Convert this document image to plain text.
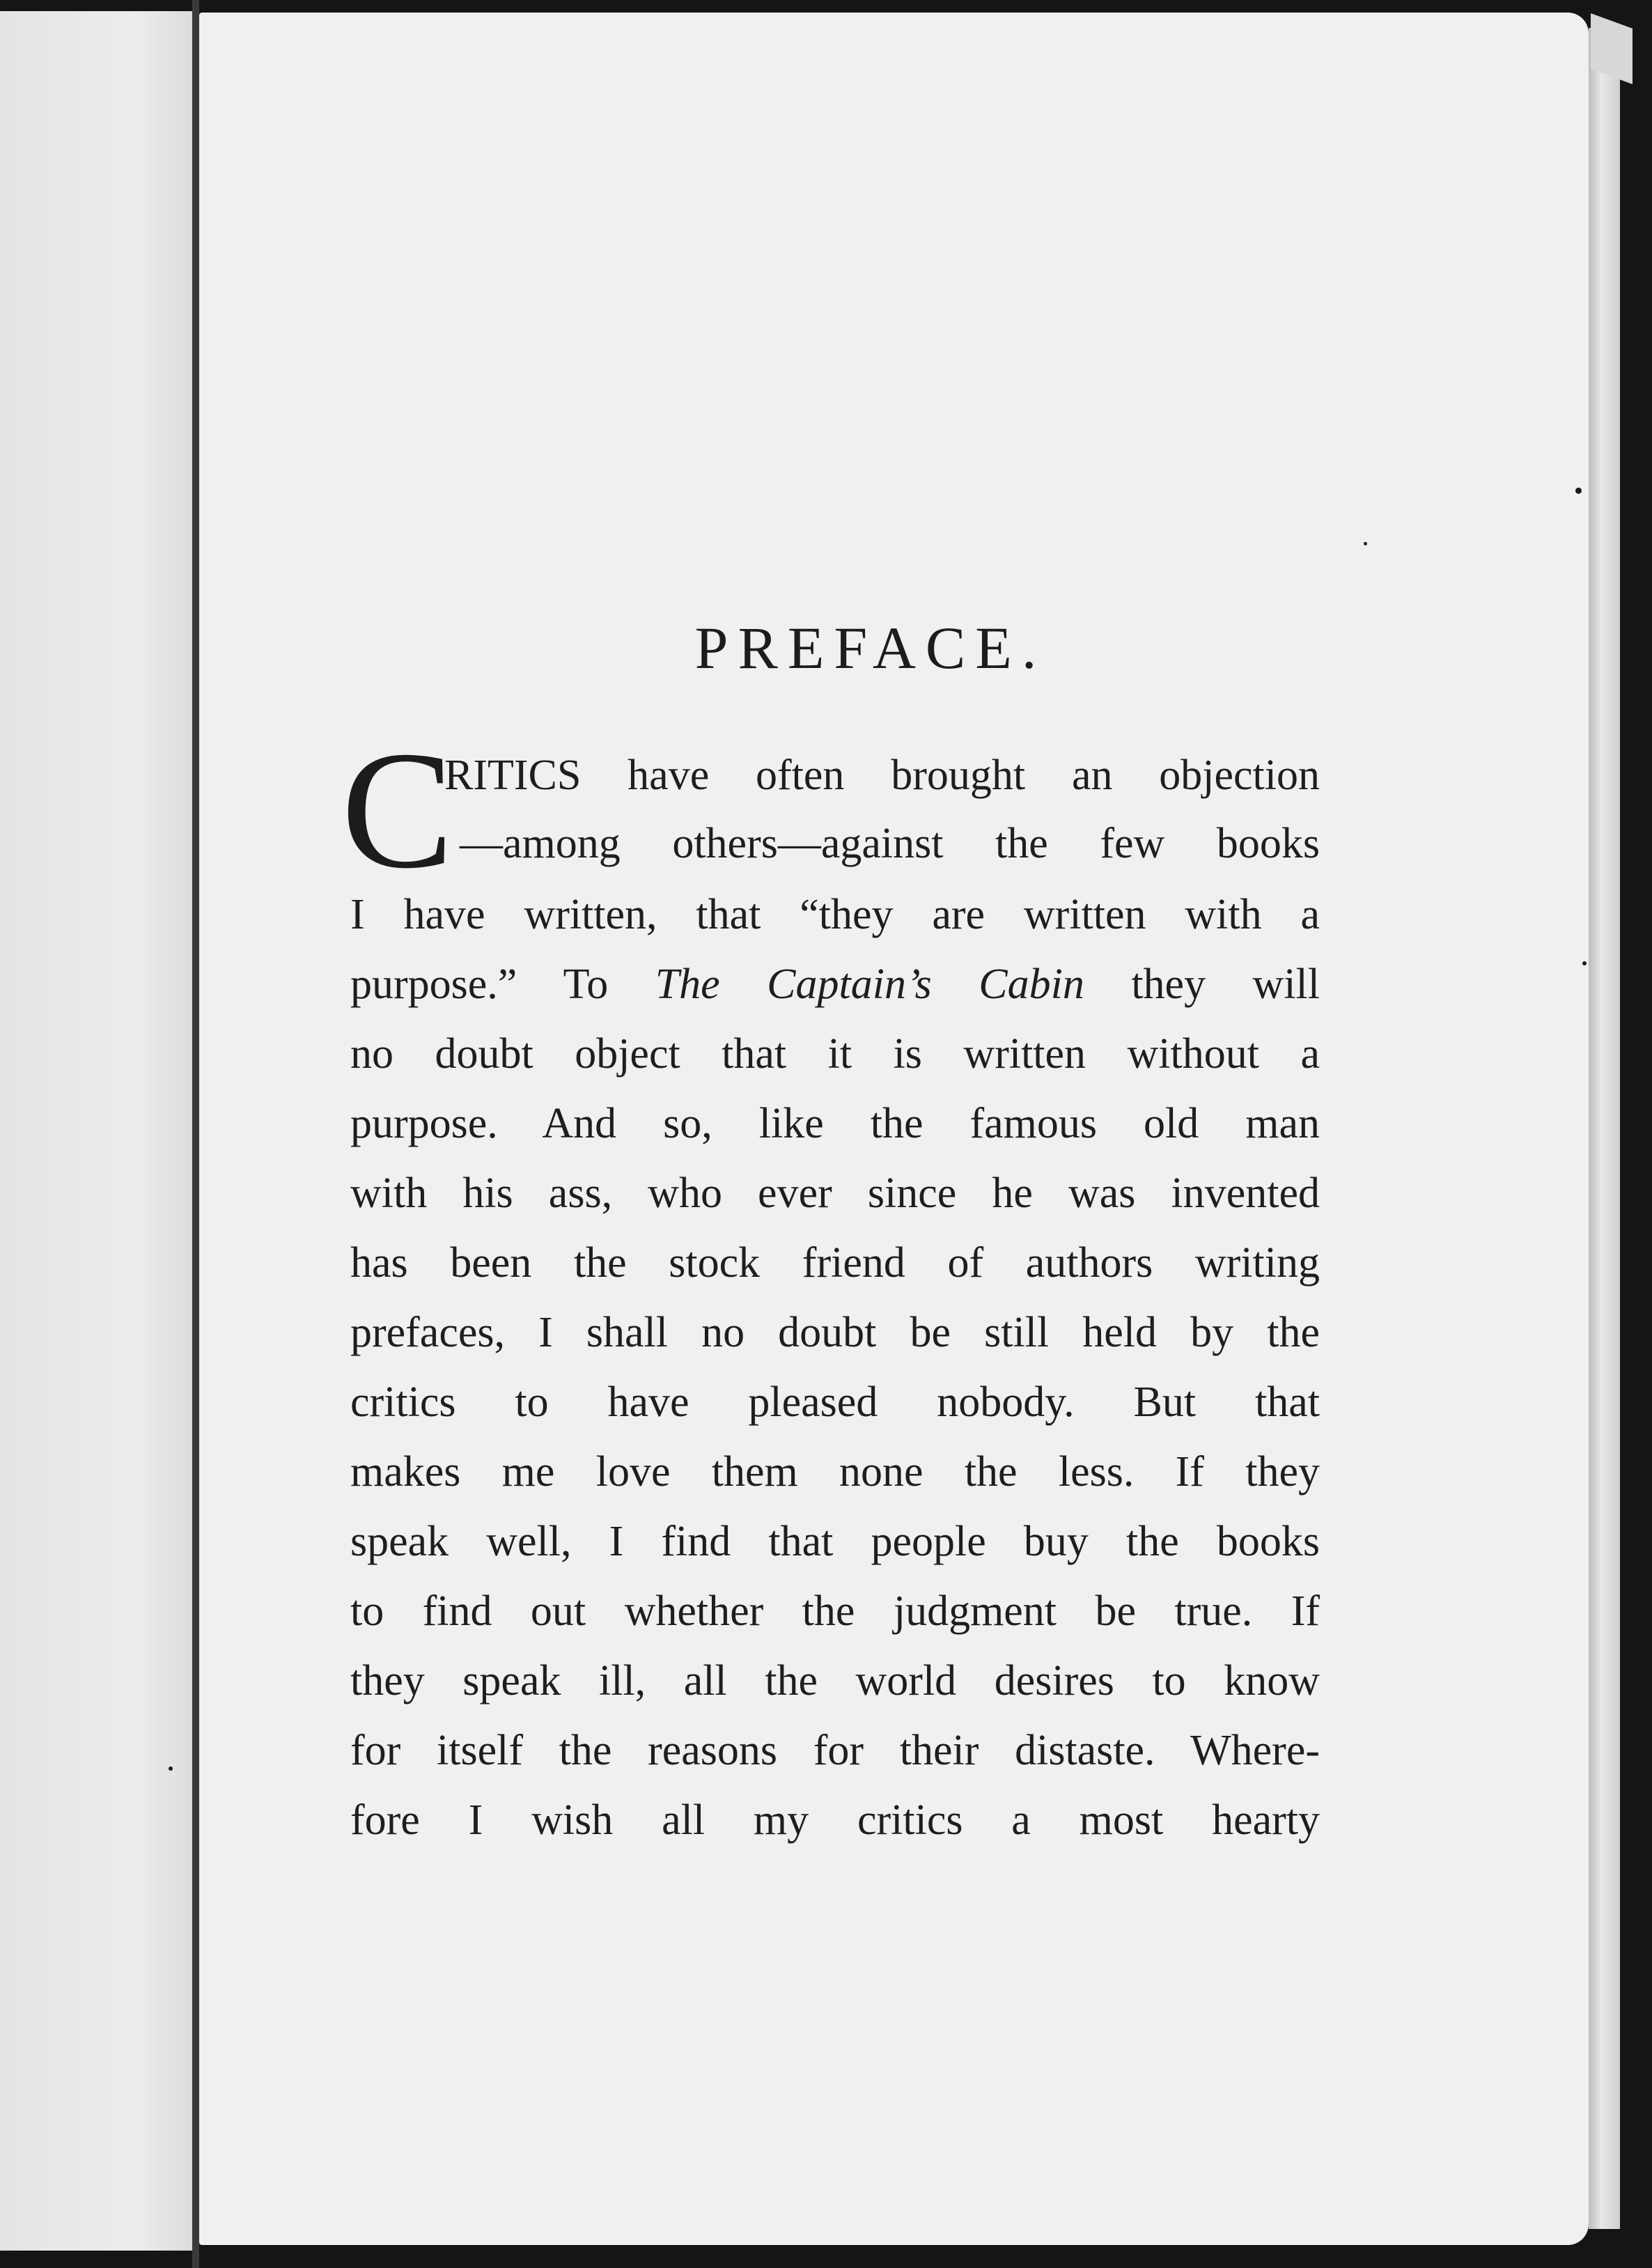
PREFACE.
C
RITICS have often brought an objection
—among others—against the few books
I have written, that “they are written with a
purpose.” To The Captain’s Cabin they will
no doubt object that it is written without a
purpose. And so, like the famous old man
with his ass, who ever since he was invented
has been the stock friend of authors writing
prefaces, I shall no doubt be still held by the
critics to have pleased nobody. But that
makes me love them none the less. If they
speak well, I find that people buy the books
to find out whether the judgment be true. If
they speak ill, all the world desires to know
for itself the reasons for their distaste. Where-
fore I wish all my critics a most hearty
